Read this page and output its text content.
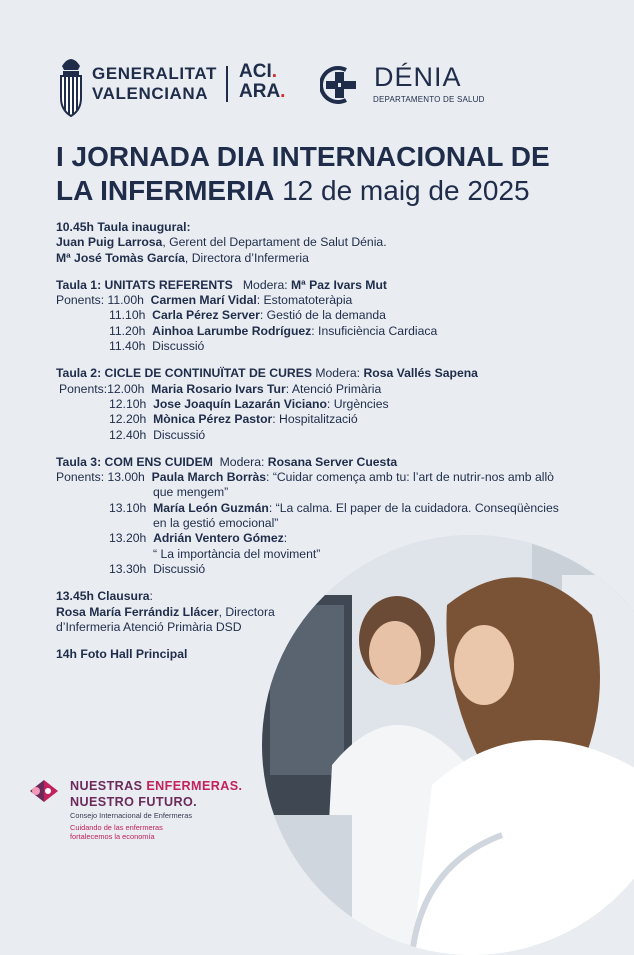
GENERALITAT
VALENCIANA
ACI.
ARA.	DÉNIA
DEPARTAMENTO DE SALUD
I JORNADA DIA INTERNACIONAL DE
LA INFERMERIA 12 de maig de 2025
10.45h Taula inaugural:
Juan Puig Larrosa, Gerent del Departament de Salut Dénia.
Mª José Tomàs García, Directora d’Infermeria
Taula 1: UNITATS REFERENTS Modera: Mª Paz Ivars Mut
Ponents: 11.00h Carmen Marí Vidal: Estomatoteràpia
11.10h Carla Pérez Server: Gestió de la demanda
11.20h Ainhoa Larumbe Rodríguez: Insuficiència Cardiaca
11.40h Discussió
Taula 2: CICLE DE CONTINUÏTAT DE CURES Modera: Rosa Vallés Sapena
Ponents:12.00h Maria Rosario Ivars Tur: Atenció Primària
12.10h Jose Joaquín Lazarán Viciano: Urgències
12.20h Mònica Pérez Pastor: Hospitalització
12.40h Discussió
Taula 3: COM ENS CUIDEM Modera: Rosana Server Cuesta
Ponents: 13.00h Paula March Borràs: “Cuidar comença amb tu: l’art de nutrir-nos amb allò
que mengem”
13.10h María León Guzmán: “La calma. El paper de la cuidadora. Conseqüències
en la gestió emocional”
13.20h Adrián Ventero Gómez:
“ La importància del moviment”
13.30h Discussió
13.45h Clausura:
Rosa María Ferrándiz Llácer, Directora
d’Infermeria Atenció Primària DSD
14h Foto Hall Principal
NUESTRAS ENFERMERAS.
NUESTRO FUTURO.
Consejo Internacional de Enfermeras
Cuidando de las enfermeras
fortalecemos la economía
